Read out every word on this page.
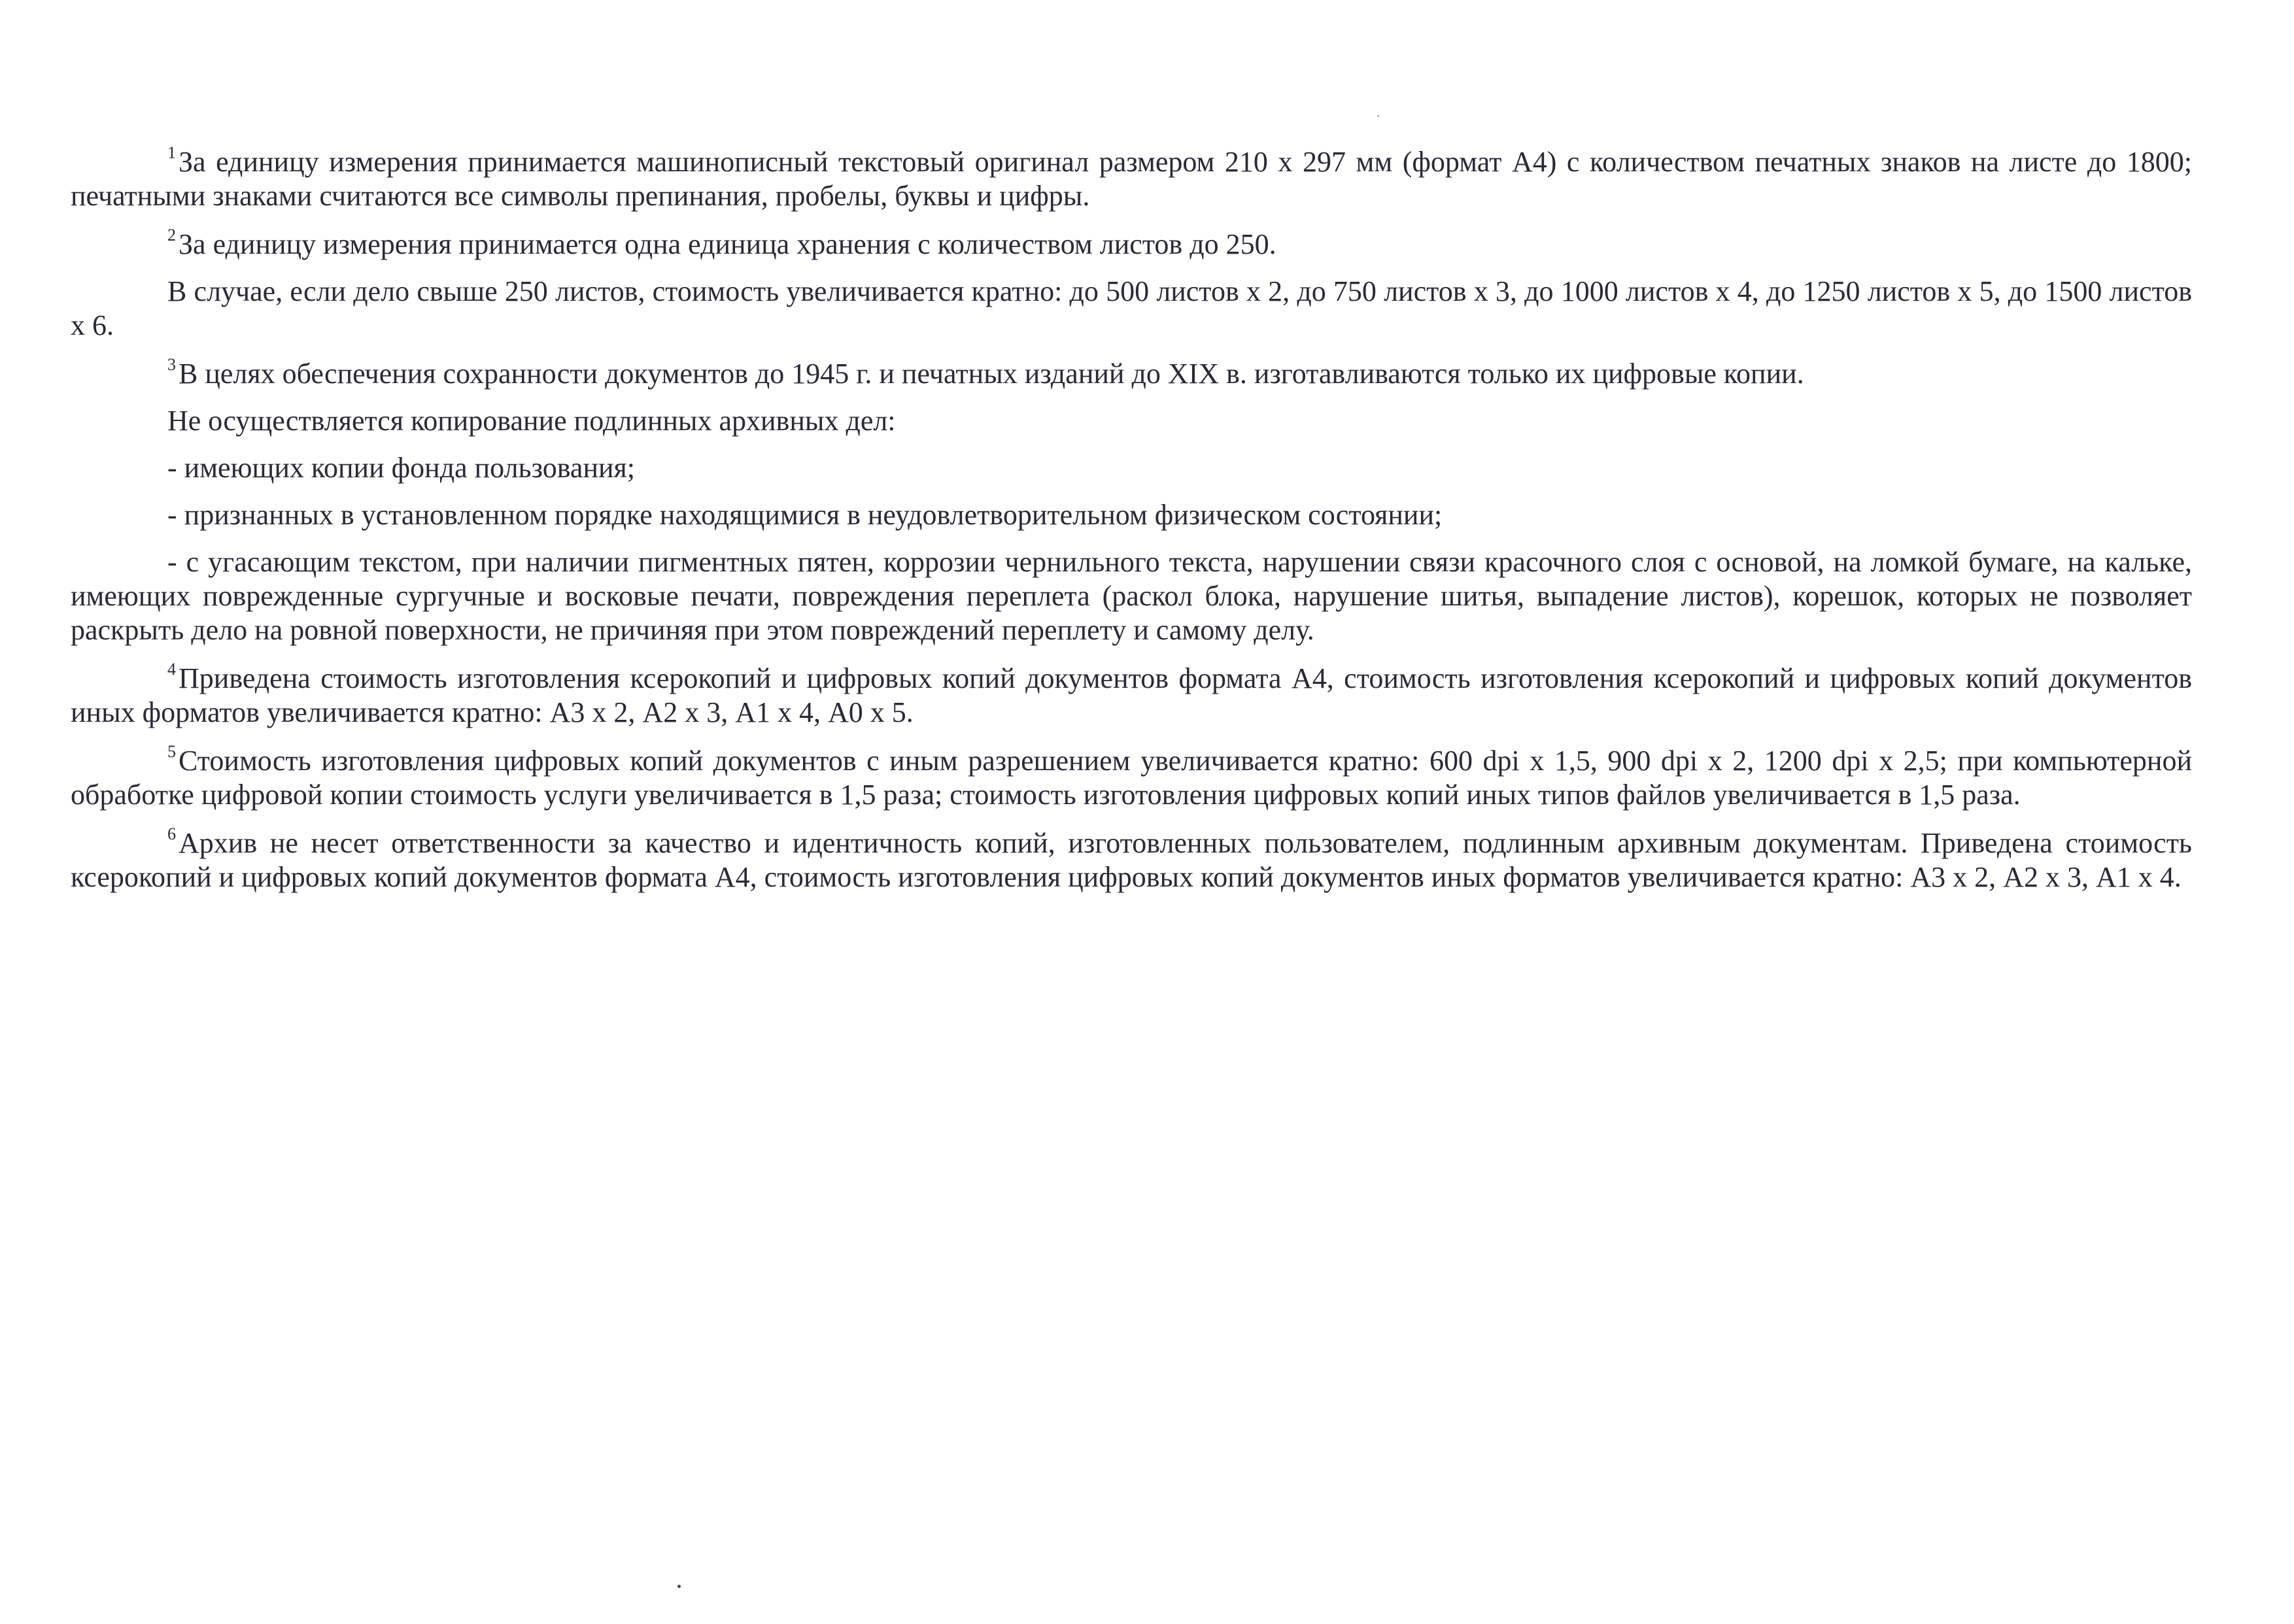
$^1$За единицу измерения принимается машинописный текстовый оригинал размером 210 х 297 мм (формат А4) с количеством печатных знаков на листе до 1800; печатными знаками считаются все символы препинания, пробелы, буквы и цифры.

$^2$За единицу измерения принимается одна единица хранения с количеством листов до 250.

В случае, если дело свыше 250 листов, стоимость увеличивается кратно: до 500 листов х 2, до 750 листов х 3, до 1000 листов х 4, до 1250 листов х 5, до 1500 листов х 6.

$^3$В целях обеспечения сохранности документов до 1945 г. и печатных изданий до XIX в. изготавливаются только их цифровые копии.

Не осуществляется копирование подлинных архивных дел:

- имеющих копии фонда пользования;

- признанных в установленном порядке находящимися в неудовлетворительном физическом состоянии;

- с угасающим текстом, при наличии пигментных пятен, коррозии чернильного текста, нарушении связи красочного слоя с основой, на ломкой бумаге, на кальке, имеющих поврежденные сургучные и восковые печати, повреждения переплета (раскол блока, нарушение шитья, выпадение листов), корешок, которых не позволяет раскрыть дело на ровной поверхности, не причиняя при этом повреждений переплету и самому делу.

$^4$Приведена стоимость изготовления ксерокопий и цифровых копий документов формата А4, стоимость изготовления ксерокопий и цифровых копий документов иных форматов увеличивается кратно: А3 х 2, А2 х 3, А1 х 4, А0 х 5.

$^5$Стоимость изготовления цифровых копий документов с иным разрешением увеличивается кратно: 600 dpi х 1,5, 900 dpi х 2, 1200 dpi х 2,5; при компьютерной обработке цифровой копии стоимость услуги увеличивается в 1,5 раза; стоимость изготовления цифровых копий иных типов файлов увеличивается в 1,5 раза.

$^6$Архив не несет ответственности за качество и идентичность копий, изготовленных пользователем, подлинным архивным документам. Приведена стоимость ксерокопий и цифровых копий документов формата А4, стоимость изготовления цифровых копий документов иных форматов увеличивается кратно: А3 х 2, А2 х 3, А1 х 4.
